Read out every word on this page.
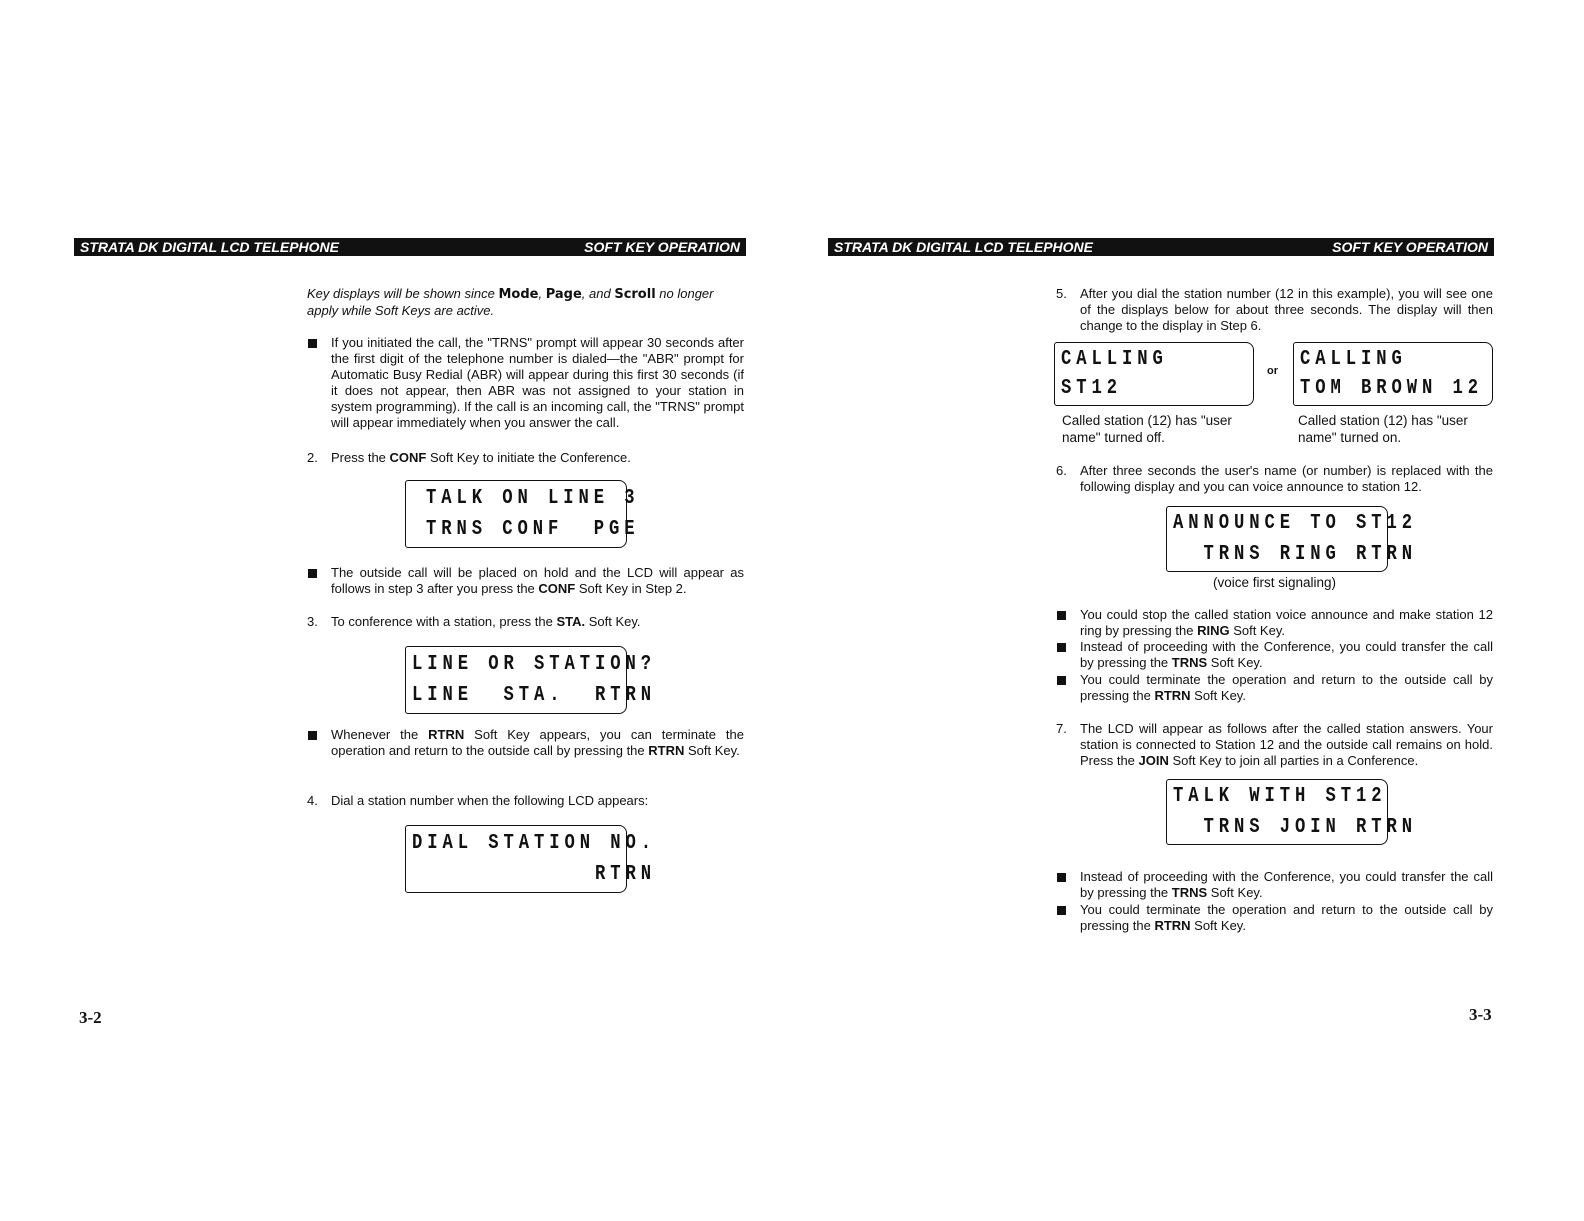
STRATA DK DIGITAL LCD TELEPHONE	SOFT KEY OPERATION

Key displays will be shown since Mode, Page, and Scroll no longer
apply while Soft Keys are active.

If you initiated the call, the "TRNS" prompt will appear 30 seconds after the first digit of the telephone number is dialed—the "ABR" prompt for Automatic Busy Redial (ABR) will appear during this first 30 seconds (if it does not appear, then ABR was not assigned to your station in system programming). If the call is an incoming call, the "TRNS" prompt will appear immediately when you answer the call.

2. Press the CONF Soft Key to initiate the Conference.

TALK ON LINE 3
TRNS CONF  PGE

The outside call will be placed on hold and the LCD will appear as follows in step 3 after you press the CONF Soft Key in Step 2.

3. To conference with a station, press the STA. Soft Key.

LINE OR STATION?
LINE  STA.  RTRN

Whenever the RTRN Soft Key appears, you can terminate the operation and return to the outside call by pressing the RTRN Soft Key.

4. Dial a station number when the following LCD appears:

DIAL STATION NO.
RTRN
3-2
STRATA DK DIGITAL LCD TELEPHONE	SOFT KEY OPERATION
5. After you dial the station number (12 in this example), you will see one of the displays below for about three seconds. The display will then change to the display in Step 6.

CALLING
ST12
or CALLING
TOM BROWN 12
Called station (12) has "user name" turned off.
Called station (12) has "user name" turned on.
6. After three seconds the user's name (or number) is replaced with the following display and you can voice announce to station 12.

ANNOUNCE TO ST12
TRNS RING RTRN
(voice first signaling)

You could stop the called station voice announce and make station 12 ring by pressing the RING Soft Key.

Instead of proceeding with the Conference, you could transfer the call by pressing the TRNS Soft Key.

You could terminate the operation and return to the outside call by pressing the RTRN Soft Key.

7. The LCD will appear as follows after the called station answers. Your station is connected to Station 12 and the outside call remains on hold. Press the JOIN Soft Key to join all parties in a Conference.

TALK WITH ST12
TRNS JOIN RTRN

Instead of proceeding with the Conference, you could transfer the call by pressing the TRNS Soft Key.

You could terminate the operation and return to the outside call by pressing the RTRN Soft Key.

3-3
